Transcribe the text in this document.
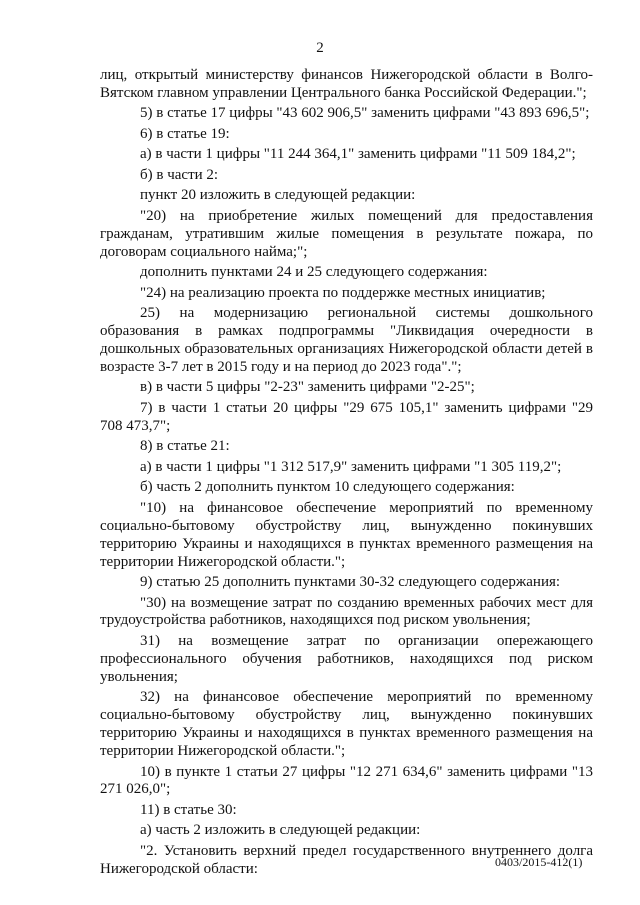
2

лиц, открытый министерству финансов Нижегородской области в Волго-Вятском главном управлении Центрального банка Российской Федерации.";

5) в статье 17 цифры "43 602 906,5" заменить цифрами "43 893 696,5";

6) в статье 19:

а) в части 1 цифры "11 244 364,1" заменить цифрами "11 509 184,2";

б) в части 2:

пункт 20 изложить в следующей редакции:

"20) на приобретение жилых помещений для предоставления гражданам, утратившим жилые помещения в результате пожара, по договорам социального найма;";

дополнить пунктами 24 и 25 следующего содержания:

"24) на реализацию проекта по поддержке местных инициатив;

25) на модернизацию региональной системы дошкольного образования в рамках подпрограммы "Ликвидация очередности в дошкольных образовательных организациях Нижегородской области детей в возрасте 3-7 лет в 2015 году и на период до 2023 года".";

в) в части 5 цифры "2-23" заменить цифрами "2-25";

7) в части 1 статьи 20 цифры "29 675 105,1" заменить цифрами "29 708 473,7";

8) в статье 21:

а) в части 1 цифры "1 312 517,9" заменить цифрами "1 305 119,2";

б) часть 2 дополнить пунктом 10 следующего содержания:

"10) на финансовое обеспечение мероприятий по временному социально-бытовому обустройству лиц, вынужденно покинувших территорию Украины и находящихся в пунктах временного размещения на территории Нижегородской области.";

9) статью 25 дополнить пунктами 30-32 следующего содержания:

"30) на возмещение затрат по созданию временных рабочих мест для трудоустройства работников, находящихся под риском увольнения;

31) на возмещение затрат по организации опережающего профессионального обучения работников, находящихся под риском увольнения;

32) на финансовое обеспечение мероприятий по временному социально-бытовому обустройству лиц, вынужденно покинувших территорию Украины и находящихся в пунктах временного размещения на территории Нижегородской области.";

10) в пункте 1 статьи 27 цифры "12 271 634,6" заменить цифрами "13 271 026,0";

11) в статье 30:

а) часть 2 изложить в следующей редакции:

"2. Установить верхний предел государственного внутреннего долга Нижегородской области:	0403/2015-412(1)
